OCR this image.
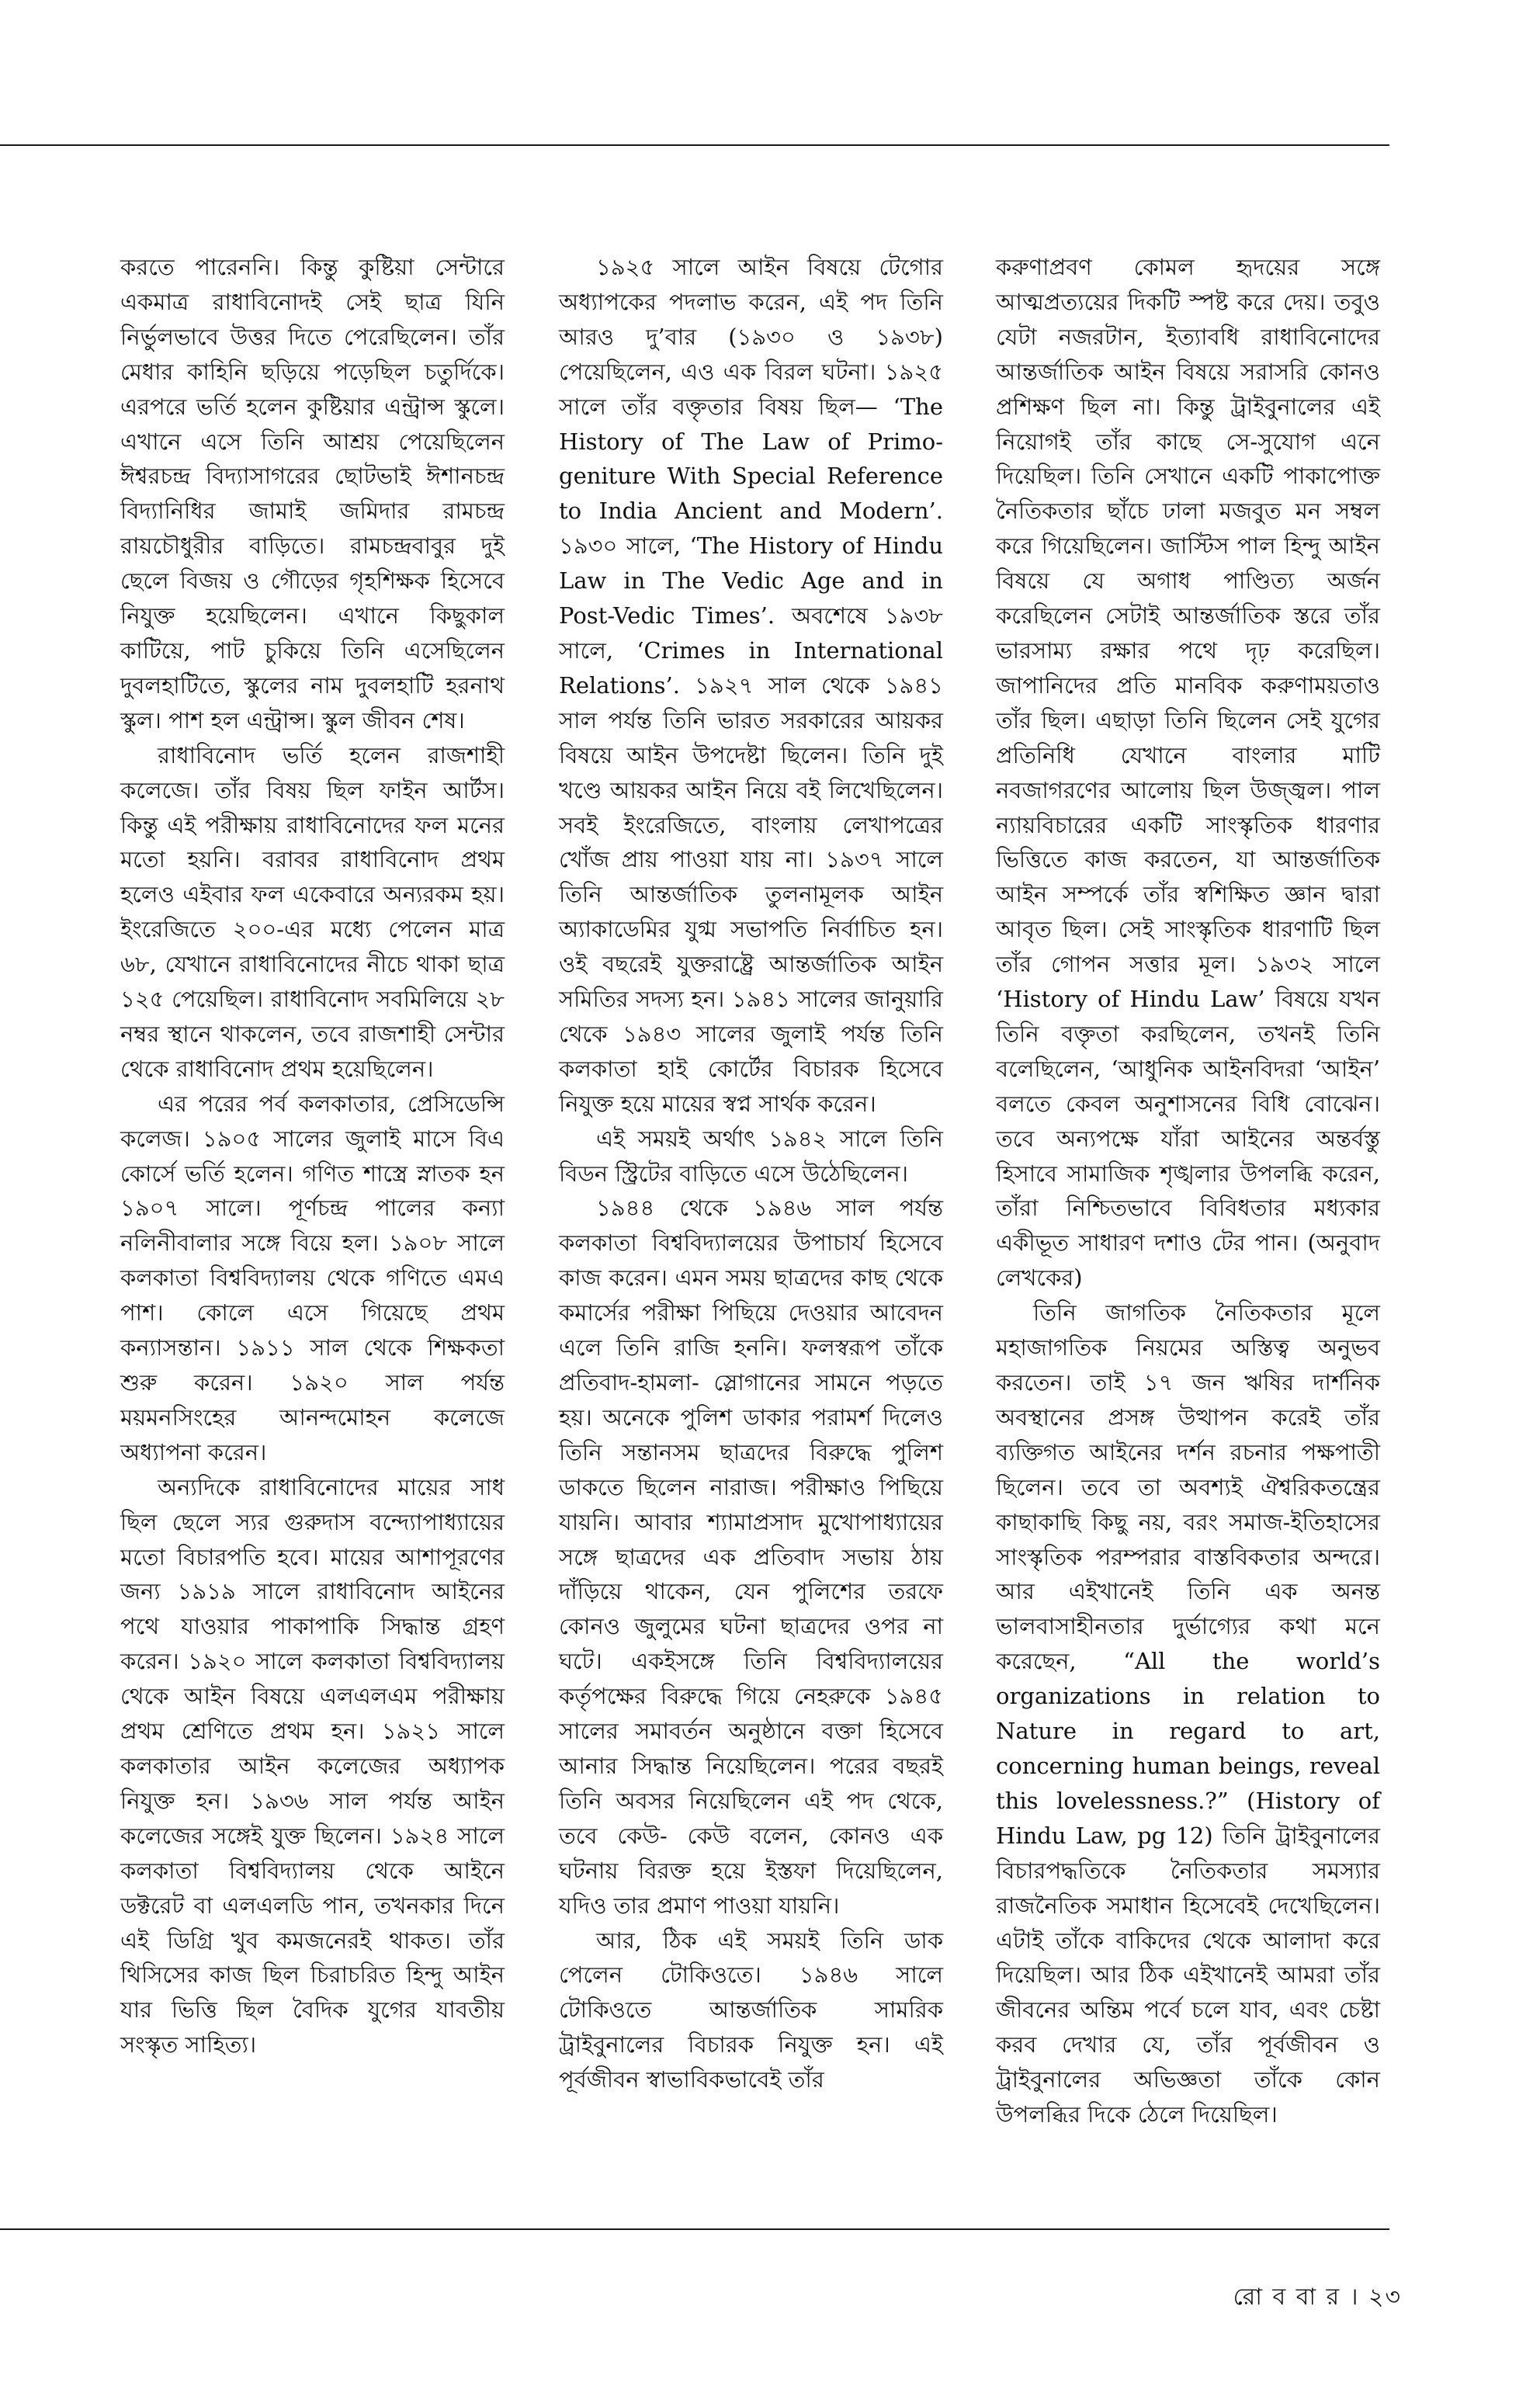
করতে পারেননি। কিন্তু কুষ্টিয়া সেন্টারে একমাত্র রাধাবিনোদই সেই ছাত্র যিনি নির্ভুলভাবে উত্তর দিতে পেরেছিলেন। তাঁর মেধার কাহিনি ছড়িয়ে পড়েছিল চতুর্দিকে। এরপরে ভর্তি হলেন কুষ্টিয়ার এন্ট্রান্স স্কুলে। এখানে এসে তিনি আশ্রয় পেয়েছিলেন ঈশ্বরচন্দ্র বিদ্যাসাগরের ছোটভাই ঈশানচন্দ্র বিদ্যানিধির জামাই জমিদার রামচন্দ্র রায়চৌধুরীর বাড়িতে। রামচন্দ্রবাবুর দুই ছেলে বিজয় ও গৌড়ের গৃহশিক্ষক হিসেবে নিযুক্ত হয়েছিলেন। এখানে কিছুকাল কাটিয়ে, পাট চুকিয়ে তিনি এসেছিলেন দুবলহাটিতে, স্কুলের নাম দুবলহাটি হরনাথ স্কুল। পাশ হল এন্ট্রান্স। স্কুল জীবন শেষ।

রাধাবিনোদ ভর্তি হলেন রাজশাহী কলেজে। তাঁর বিষয় ছিল ফাইন আর্টস। কিন্তু এই পরীক্ষায় রাধাবিনোদের ফল মনের মতো হয়নি। বরাবর রাধাবিনোদ প্রথম হলেও এইবার ফল একেবারে অন্যরকম হয়। ইংরেজিতে ২০০-এর মধ্যে পেলেন মাত্র ৬৮, যেখানে রাধাবিনোদের নীচে থাকা ছাত্র ১২৫ পেয়েছিল। রাধাবিনোদ সবমিলিয়ে ২৮ নম্বর স্থানে থাকলেন, তবে রাজশাহী সেন্টার থেকে রাধাবিনোদ প্রথম হয়েছিলেন।

এর পরের পর্ব কলকাতার, প্রেসিডেন্সি কলেজ। ১৯০৫ সালের জুলাই মাসে বিএ কোর্সে ভর্তি হলেন। গণিত শাস্ত্রে স্নাতক হন ১৯০৭ সালে। পূর্ণচন্দ্র পালের কন্যা নলিনীবালার সঙ্গে বিয়ে হল। ১৯০৮ সালে কলকাতা বিশ্ববিদ্যালয় থেকে গণিতে এমএ পাশ। কোলে এসে গিয়েছে প্রথম কন্যাসন্তান। ১৯১১ সাল থেকে শিক্ষকতা শুরু করেন। ১৯২০ সাল পর্যন্ত ময়মনসিংহের আনন্দমোহন কলেজে অধ্যাপনা করেন।

অন্যদিকে রাধাবিনোদের মায়ের সাধ ছিল ছেলে স্যর গুরুদাস বন্দ্যোপাধ্যায়ের মতো বিচারপতি হবে। মায়ের আশাপূরণের জন্য ১৯১৯ সালে রাধাবিনোদ আইনের পথে যাওয়ার পাকাপাকি সিদ্ধান্ত গ্রহণ করেন। ১৯২০ সালে কলকাতা বিশ্ববিদ্যালয় থেকে আইন বিষয়ে এলএলএম পরীক্ষায় প্রথম শ্রেণিতে প্রথম হন। ১৯২১ সালে কলকাতার আইন কলেজের অধ্যাপক নিযুক্ত হন। ১৯৩৬ সাল পর্যন্ত আইন কলেজের সঙ্গেই যুক্ত ছিলেন। ১৯২৪ সালে কলকাতা বিশ্ববিদ্যালয় থেকে আইনে ডক্টরেট বা এলএলডি পান, তখনকার দিনে এই ডিগ্রি খুব কমজনেরই থাকত। তাঁর থিসিসের কাজ ছিল চিরাচরিত হিন্দু আইন যার ভিত্তি ছিল বৈদিক যুগের যাবতীয় সংস্কৃত সাহিত্য।

১৯২৫ সালে আইন বিষয়ে টেগোর অধ্যাপকের পদলাভ করেন, এই পদ তিনি আরও দু’বার (১৯৩০ ও ১৯৩৮) পেয়েছিলেন, এও এক বিরল ঘটনা। ১৯২৫ সালে তাঁর বক্তৃতার বিষয় ছিল— ‘The History of The Law of Primo- geniture With Special Reference to India Ancient and Modern’. ১৯৩০ সালে, ‘The History of Hindu Law in The Vedic Age and in Post-Vedic Times’. অবশেষে ১৯৩৮ সালে, ‘Crimes in International Relations’. ১৯২৭ সাল থেকে ১৯৪১ সাল পর্যন্ত তিনি ভারত সরকারের আয়কর বিষয়ে আইন উপদেষ্টা ছিলেন। তিনি দুই খণ্ডে আয়কর আইন নিয়ে বই লিখেছিলেন। সবই ইংরেজিতে, বাংলায় লেখাপত্রের খোঁজ প্রায় পাওয়া যায় না। ১৯৩৭ সালে তিনি আন্তর্জাতিক তুলনামূলক আইন অ্যাকাডেমির যুগ্ম সভাপতি নির্বাচিত হন। ওই বছরেই যুক্তরাষ্ট্রে আন্তর্জাতিক আইন সমিতির সদস্য হন। ১৯৪১ সালের জানুয়ারি থেকে ১৯৪৩ সালের জুলাই পর্যন্ত তিনি কলকাতা হাই কোর্টের বিচারক হিসেবে নিযুক্ত হয়ে মায়ের স্বপ্ন সার্থক করেন।

এই সময়ই অর্থাৎ ১৯৪২ সালে তিনি বিডন স্ট্রিটের বাড়িতে এসে উঠেছিলেন।

১৯৪৪ থেকে ১৯৪৬ সাল পর্যন্ত কলকাতা বিশ্ববিদ্যালয়ের উপাচার্য হিসেবে কাজ করেন। এমন সময় ছাত্রদের কাছ থেকে কমার্সের পরীক্ষা পিছিয়ে দেওয়ার আবেদন এলে তিনি রাজি হননি। ফলস্বরূপ তাঁকে প্রতিবাদ-হামলা- স্লোগানের সামনে পড়তে হয়। অনেকে পুলিশ ডাকার পরামর্শ দিলেও তিনি সন্তানসম ছাত্রদের বিরুদ্ধে পুলিশ ডাকতে ছিলেন নারাজ। পরীক্ষাও পিছিয়ে যায়নি। আবার শ্যামাপ্রসাদ মুখোপাধ্যায়ের সঙ্গে ছাত্রদের এক প্রতিবাদ সভায় ঠায় দাঁড়িয়ে থাকেন, যেন পুলিশের তরফে কোনও জুলুমের ঘটনা ছাত্রদের ওপর না ঘটে। একইসঙ্গে তিনি বিশ্ববিদ্যালয়ের কর্তৃপক্ষের বিরুদ্ধে গিয়ে নেহরুকে ১৯৪৫ সালের সমাবর্তন অনুষ্ঠানে বক্তা হিসেবে আনার সিদ্ধান্ত নিয়েছিলেন। পরের বছরই তিনি অবসর নিয়েছিলেন এই পদ থেকে, তবে কেউ- কেউ বলেন, কোনও এক ঘটনায় বিরক্ত হয়ে ইস্তফা দিয়েছিলেন, যদিও তার প্রমাণ পাওয়া যায়নি।

আর, ঠিক এই সময়ই তিনি ডাক পেলেন টোকিওতে। ১৯৪৬ সালে টোকিওতে আন্তর্জাতিক সামরিক ট্রাইবুনালের বিচারক নিযুক্ত হন। এই পূর্বজীবন স্বাভাবিকভাবেই তাঁর

করুণাপ্রবণ কোমল হৃদয়ের সঙ্গে আত্মপ্রত্যয়ের দিকটি স্পষ্ট করে দেয়। তবুও যেটা নজরটান, ইত্যাবধি রাধাবিনোদের আন্তর্জাতিক আইন বিষয়ে সরাসরি কোনও প্রশিক্ষণ ছিল না। কিন্তু ট্রাইবুনালের এই নিয়োগই তাঁর কাছে সে-সুযোগ এনে দিয়েছিল। তিনি সেখানে একটি পাকাপোক্ত নৈতিকতার ছাঁচে ঢালা মজবুত মন সম্বল করে গিয়েছিলেন। জাস্টিস পাল হিন্দু আইন বিষয়ে যে অগাধ পাণ্ডিত্য অর্জন করেছিলেন সেটাই আন্তর্জাতিক স্তরে তাঁর ভারসাম্য রক্ষার পথে দৃঢ় করেছিল। জাপানিদের প্রতি মানবিক করুণাময়তাও তাঁর ছিল। এছাড়া তিনি ছিলেন সেই যুগের প্রতিনিধি যেখানে বাংলার মাটি নবজাগরণের আলোয় ছিল উজ্জ্বল। পাল ন্যায়বিচারের একটি সাংস্কৃতিক ধারণার ভিত্তিতে কাজ করতেন, যা আন্তর্জাতিক আইন সম্পর্কে তাঁর স্বশিক্ষিত জ্ঞান দ্বারা আবৃত ছিল। সেই সাংস্কৃতিক ধারণাটি ছিল তাঁর গোপন সত্তার মূল। ১৯৩২ সালে ‘History of Hindu Law’ বিষয়ে যখন তিনি বক্তৃতা করছিলেন, তখনই তিনি বলেছিলেন, ‘আধুনিক আইনবিদরা ‘আইন’ বলতে কেবল অনুশাসনের বিধি বোঝেন। তবে অন্যপক্ষে যাঁরা আইনের অন্তর্বস্তু হিসাবে সামাজিক শৃঙ্খলার উপলব্ধি করেন, তাঁরা নিশ্চিতভাবে বিবিধতার মধ্যকার একীভূত সাধারণ দশাও টের পান। (অনুবাদ লেখকের)

তিনি জাগতিক নৈতিকতার মূলে মহাজাগতিক নিয়মের অস্তিত্ব অনুভব করতেন। তাই ১৭ জন ঋষির দার্শনিক অবস্থানের প্রসঙ্গ উত্থাপন করেই তাঁর ব্যক্তিগত আইনের দর্শন রচনার পক্ষপাতী ছিলেন। তবে তা অবশ্যই ঐশ্বরিকতন্ত্রের কাছাকাছি কিছু নয়, বরং সমাজ-ইতিহাসের সাংস্কৃতিক পরম্পরার বাস্তবিকতার অন্দরে। আর এইখানেই তিনি এক অনন্ত ভালবাসাহীনতার দুর্ভাগ্যের কথা মনে করেছেন, “All the world’s organizations in relation to Nature in regard to art, concerning human beings, reveal this lovelessness.?” (History of Hindu Law, pg 12) তিনি ট্রাইবুনালের বিচারপদ্ধতিকে নৈতিকতার সমস্যার রাজনৈতিক সমাধান হিসেবেই দেখেছিলেন। এটাই তাঁকে বাকিদের থেকে আলাদা করে দিয়েছিল। আর ঠিক এইখানেই আমরা তাঁর জীবনের অন্তিম পর্বে চলে যাব, এবং চেষ্টা করব দেখার যে, তাঁর পূর্বজীবন ও ট্রাইবুনালের অভিজ্ঞতা তাঁকে কোন উপলব্ধির দিকে ঠেলে দিয়েছিল।

রো ব বা র । ২৩
